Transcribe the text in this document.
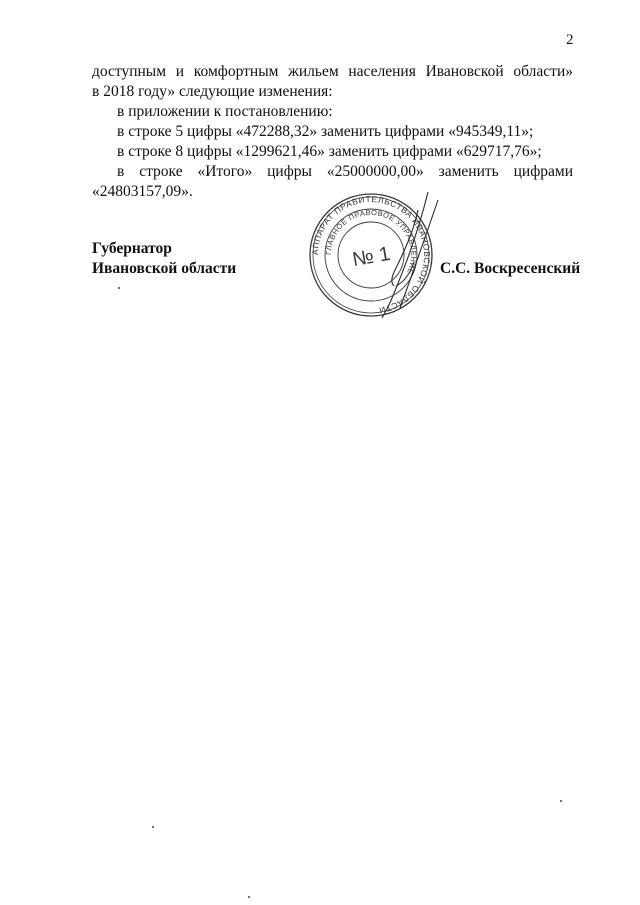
2
доступным и комфортным жильем населения Ивановской области»
в 2018 году» следующие изменения:
в приложении к постановлению:
в строке 5 цифры «472288,32» заменить цифрами «945349,11»;
в строке 8 цифры «1299621,46» заменить цифрами «629717,76»;
в строке «Итого» цифры «25000000,00» заменить цифрами
«24803157,09».
Губернатор
Ивановской области
АППАРАТ ПРАВИТЕЛЬСТВА ИВАНОВСКОЙ ОБЛАСТИ
ГЛАВНОЕ ПРАВОВОЕ УПРАВЛЕНИЕ
№ 1	С.С. Воскресенский
